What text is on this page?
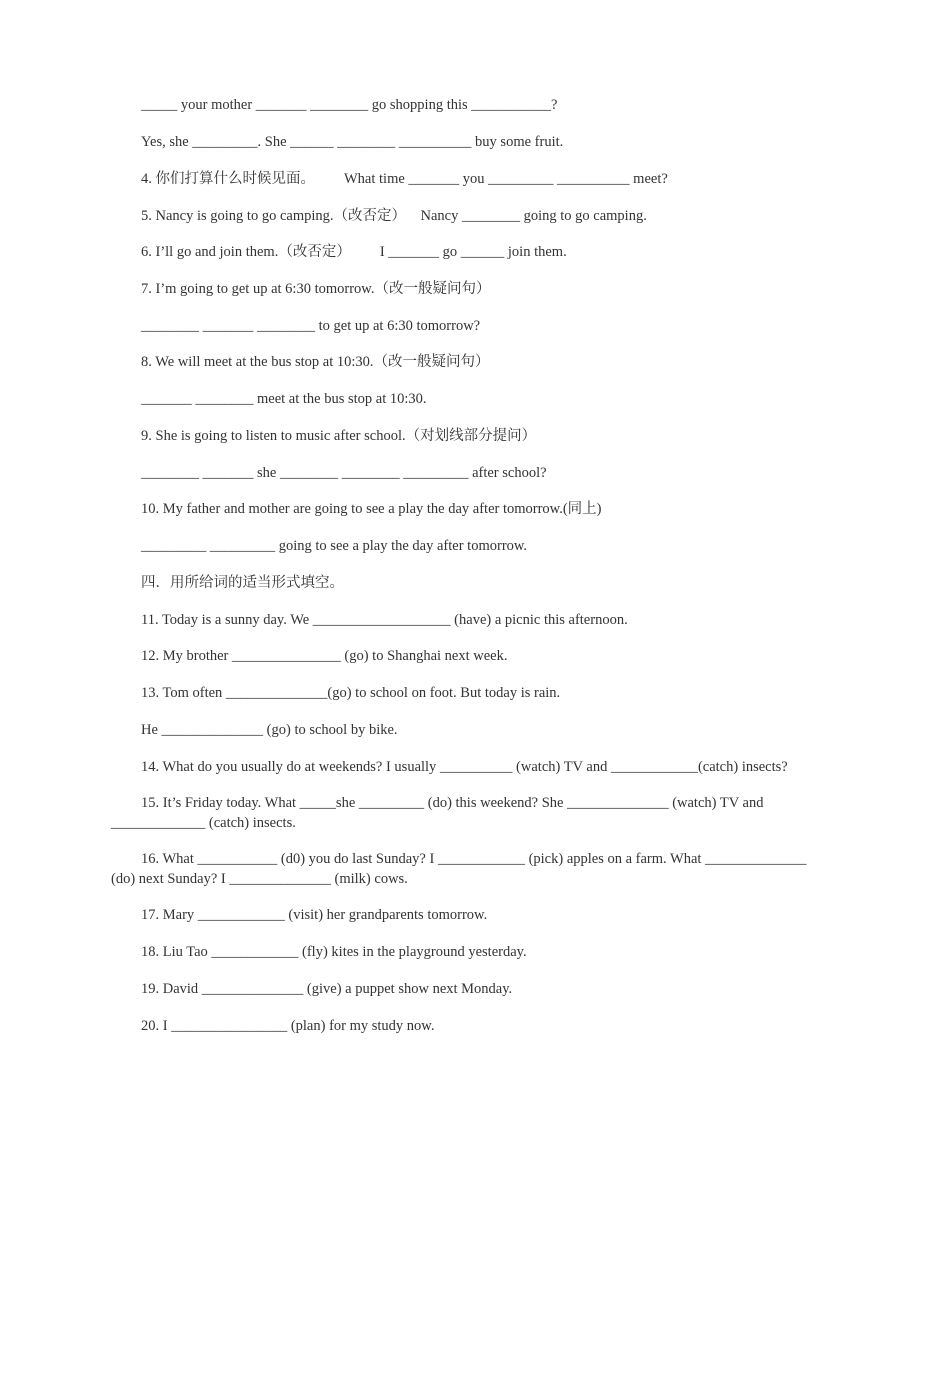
_____ your mother _______ ________ go shopping this ___________?
Yes, she _________. She ______ ________ __________ buy some fruit.
4. 你们打算什么时候见面。        What time _______ you _________ __________ meet?
5. Nancy is going to go camping.（改否定）    Nancy ________ going to go camping.
6. I’ll go and join them.（改否定）        I _______ go ______ join them.
7. I’m going to get up at 6:30 tomorrow.（改一般疑问句）
________ _______ ________ to get up at 6:30 tomorrow?
8. We will meet at the bus stop at 10:30.（改一般疑问句）
_______ ________ meet at the bus stop at 10:30.
9. She is going to listen to music after school.（对划线部分提问）
________ _______ she ________ ________ _________ after school?
10. My father and mother are going to see a play the day after tomorrow.(同上)
_________ _________ going to see a play the day after tomorrow.
四．用所给词的适当形式填空。
11. Today is a sunny day. We ___________________ (have) a picnic this afternoon.
12. My brother _______________ (go) to Shanghai next week.
13. Tom often ______________(go) to school on foot. But today is rain.
He ______________ (go) to school by bike.
14. What do you usually do at weekends? I usually __________ (watch) TV and ____________(catch) insects?
15. It’s Friday today. What _____she _________ (do) this weekend? She ______________ (watch) TV and
_____________ (catch) insects.
16. What ___________ (d0) you do last Sunday? I ____________ (pick) apples on a farm. What ______________
(do) next Sunday? I ______________ (milk) cows.
17. Mary ____________ (visit) her grandparents tomorrow.
18. Liu Tao ____________ (fly) kites in the playground yesterday.
19. David ______________ (give) a puppet show next Monday.
20. I ________________ (plan) for my study now.
